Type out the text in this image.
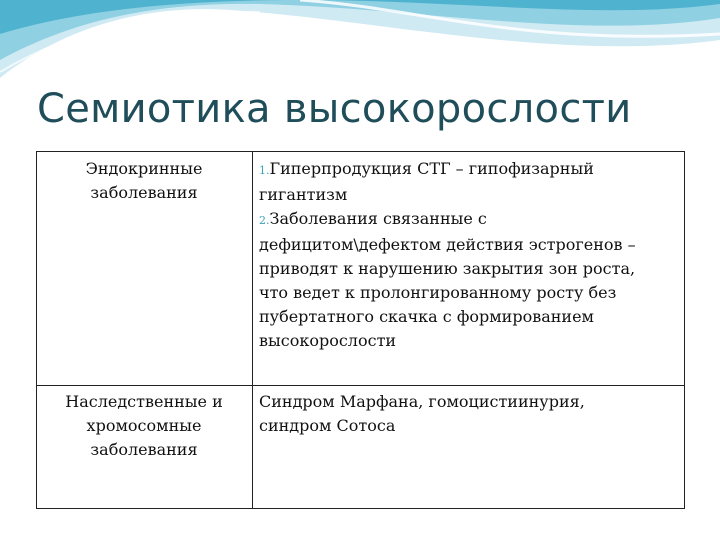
Семиотика высокорослости

Эндокринные

заболевания

1.Гиперпродукция СТГ – гипофизарный

гигантизм

2.Заболевания связанные с

дефицитом\дефектом действия эстрогенов –

приводят к нарушению закрытия зон роста,

что ведет к пролонгированному росту без

пубертатного скачка с формированием

высокорослости

Наследственные и

хромосомные

заболевания

Синдром Марфана, гомоцистиинурия,

синдром Сотоса
